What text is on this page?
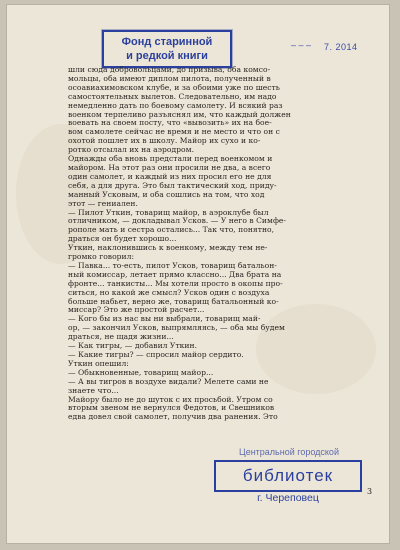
Фонд старинной
и редкой книги
– – – 7. 2014
шли сюда добровольцами, до призыва, оба комсо-
мольцы, оба имеют диплом пилота, полученный в
осоавиахимовском клубе, и за обоими уже по шесть
самостоятельных вылетов. Следовательно, им надо
немедленно дать по боевому самолету. И всякий раз
военком терпеливо разъяснял им, что каждый должен
воевать на своем посту, что «вывозить» их на бое-
вом самолете сейчас не время и не место и что он с
охотой пошлет их в школу. Майор их сухо и ко-
ротко отсылал их на аэродром.
Однажды оба вновь предстали перед военкомом и
майором. На этот раз они просили не два, а всего
один самолет, и каждый из них просил его не для
себя, а для друга. Это был тактический ход, приду-
манный Усковым, и оба сошлись на том, что ход
этот — гениален.
— Пилот Уткин, товарищ майор, в аэроклубе был
отличником, — докладывал Усков. — У него в Симфе-
рополе мать и сестра остались... Так что, понятно,
драться он будет хорошо...
Уткин, наклонившись к военкому, между тем не-
громко говорил:
— Павка... то-есть, пилот Усков, товарищ батальон-
ный комиссар, летает прямо классно... Два брата на
фронте... танкисты... Мы хотели просто в окопы про-
ситься, но какой же смысл? Усков один с воздуха
больше набьет, верно же, товарищ батальонный ко-
миссар? Это же простой расчет...
— Кого бы из нас вы ни выбрали, товарищ май-
ор, — закончил Усков, выпрямляясь, — оба мы будем
драться, не щадя жизни...
— Как тигры, — добавил Уткин.
— Какие тигры? — спросил майор сердито.
Уткин опешил:
— Обыкновенные, товарищ майор...
— А вы тигров в воздухе видали? Мелете сами не
знаете что...
Майору было не до шуток с их просьбой. Утром со
вторым звеном не вернулся Федотов, и Свешников
едва довел свой самолет, получив два ранения. Это
Центральной городской
библиотек
г. Череповец
3
